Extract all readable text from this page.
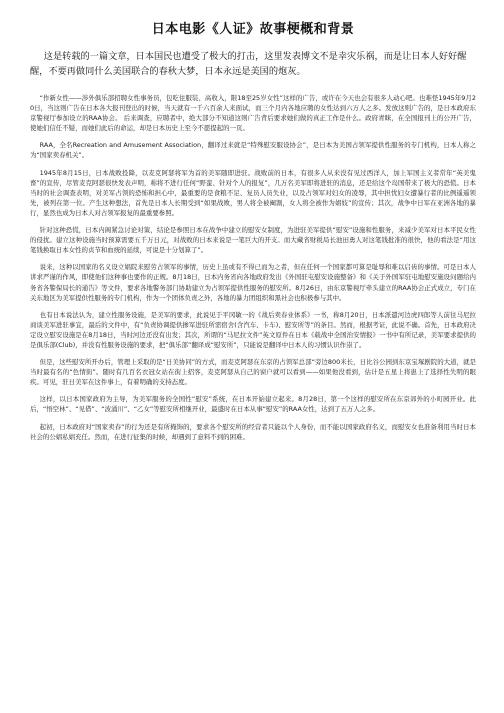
日本电影《人证》故事梗概和背景

这是转载的一篇文章，日本国民也遭受了极大的打击，这里发表博文不是幸灾乐祸，而是让日本人好好醒醒，不要再做同什么美国联合的春秋大梦，日本永远是美国的炮灰。

“作新女性——涉外俱乐部招聘女性事务员，包吃住服装、高收入，限18至25岁女性”这样的广告，或许在今天也会有很多人动心吧。也难怪1945年9月20日，当这则广告在日本各大报刊登出的时候，当天就有一千六百余人来面试，而三个月内各地应聘的女性达到六万人之多。发放这则广告的，是日本政府东京警视厅参加设立的RAA协会。 后来调查，应聘者中，绝大部分不知道这则广告背后要求她们做的真正工作是什么。政府青睐，在全国报刊上的公开广告，使她们信任不疑，而她们此后的命运，却是日本历史上至今不愿提起的一页。

RAA，全名Recreation and Amusement Association，翻译过来就是“特殊慰安服设协会”，是日本为美国占领军提供性服务的专门机构，日本人称之为“国家卖春机关”。

1945年8月15日，日本战败投降，以麦克阿瑟将军为首的美军随即进驻。战败前的日本，有很多人从来没有见过西洋人，加上军国主义者常年“英美鬼畜”的宣传，尽管麦克阿瑟很快发表声明，称将不进行任何“野蛮、针对个人的报复”，几万名美军即将进驻的消息，还是给这个岛国带来了极大的恐慌。日本当时的社会调查表明，对美军占领的恐怖和担心中，最重要的是食粮不足、复员人员失业，以及占领军对妇女的凌辱，其中担忧妇女遭暴行者的比例遥遥领先，被列在第一位。产生这种想法，首先是日本人长期受到“如果战败，男人将全被阉割，女人将全被作为娼妓”的宣传；其次，战争中日军在亚洲各地的暴行，显然也成为日本人对占领军报复的最重要参照。

针对这种恐慌，日本内阁紧急讨论对策，结论是参照日本在战争中建立的慰安女制度，为进驻美军提供“慰安”设施和性服务，来减少美军对日本平民女性的侵扰。建立这种设施当时预算需要五千万日元，对战败的日本来说是一笔巨大的开支。而大藏省财税局长池田勇人对这笔钱批准的很快，他的看法是“用这笔钱换取日本女性的贞节和血统的延续，可说是十分划算了”。

说来，这种以国家的名义设立娼院来慰劳占领军的事情，历史上虽或有不得已而为之者，但在任何一个国家都可算是耻辱和难以启齿的事情。可是日本人讲求严谨的作风，即使他们这种事也要作的正规。8月18日，日本内务省向各地政府发出《外国驻屯慰安设施整备》和《关于外国军驻屯地慰安施设问题给内务省各警保局长的通告》等文件，要求各地警务部门协助建立为占领军提供性服务的慰安所。8月26日，由东京警视厅牵头建立的RAA协会正式成立，专门在关东地区为美军提供性服务的专门机构，作为一个团体负责之外，各地的暴力团组织和黑社会也积极参与其中。

也有日本说法认为，建立性服务设施，是美军的要求，此说见于平冈敏一的《战后卖春业体系》一书，称8月20日，日本派遣河边虎四郎等人前往马尼拉商谈美军进驻事宜，最后的文件中，有“负责协调提供掺军进驻所需宿舍(含汽车、卡车)、慰安所等”的条目。然而，根据考证，此说不确。首先，日本政府决定设立慰安设施是在8月18日，当时河边还没有出发；其次，所谓的“马尼拉文件”英文原件在日本《载战中全国治安情报》一书中有所记录，美军要求提供的是俱乐部(Club)，并没有性服务设施的要求，把“俱乐部”翻译成“慰安所”，只能说是翻译中日本人的习惯认识作祟了。

但是，这些慰安所开办后，管理上采取的是“日美协同”的方式，而麦克阿瑟在东京的占领军总部“旁边800米长，日比谷公园到东京宝塚剧院的大道，就是当时最有名的“色情街”。随时有几百名衣冠女站在街上招客，麦克阿瑟从自己的窗户就可以看到——如果他没看到，估计是五星上将患上了选择性失明的眼疾。可见，驻日美军在这件事上，有着明确的支持态度。

这样，以日本国家政府为主导，为美军服务的全国性“慰安”系统，在日本开始建立起来。8月28日，第一个这样的慰安所在东京郊外的小町园开业。此后，“悟空林”、“见借”、“波涌川”、“乙女”等慰安所相继开业，最盛时在日本从事“慰安”的RAA女性，达到了五万人之多。

起初，日本政府对“国家卖春”的行为还是有所掩饰的，要求各个慰安所的经营者只能以个人身份，而不能以国家政府名义，而慰安女也准备利用当时日本社会的公娼私娼充任。然而，在进行征集的时候，却遇到了意料不到的困难。
